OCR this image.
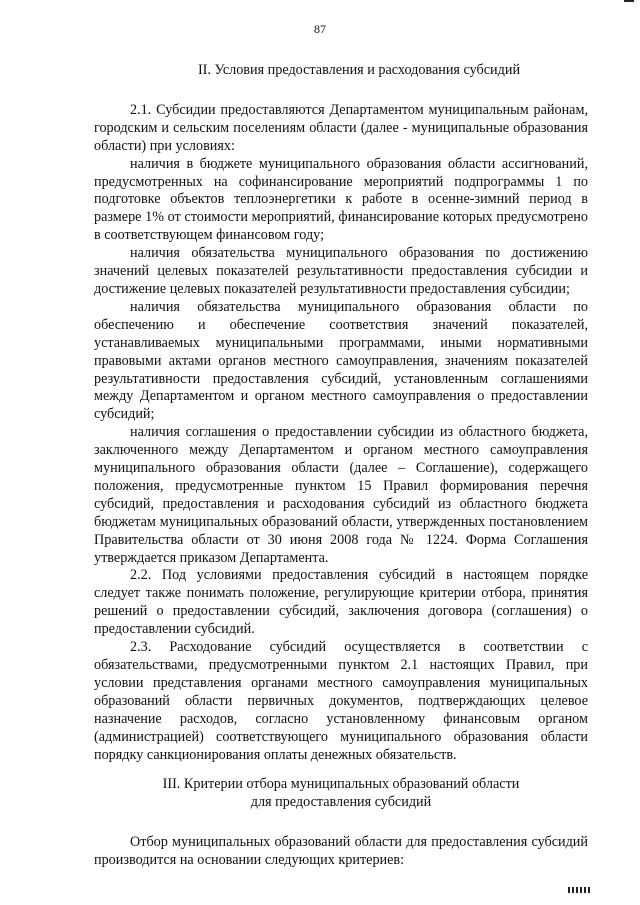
87

II. Условия предоставления и расходования субсидий

2.1. Субсидии предоставляются Департаментом муниципальным районам, городским и сельским поселениям области (далее - муниципальные образования области) при условиях:

наличия в бюджете муниципального образования области ассигнований, предусмотренных на софинансирование мероприятий подпрограммы 1 по подготовке объектов теплоэнергетики к работе в осенне-зимний период в размере 1% от стоимости мероприятий, финансирование которых предусмотрено в соответствующем финансовом году;

наличия обязательства муниципального образования по достижению значений целевых показателей результативности предоставления субсидии и достижение целевых показателей результативности предоставления субсидии;

наличия обязательства муниципального образования области по обеспечению и обеспечение соответствия значений показателей, устанавливаемых муниципальными программами, иными нормативными правовыми актами органов местного самоуправления, значениям показателей результативности предоставления субсидий, установленным соглашениями между Департаментом и органом местного самоуправления о предоставлении субсидий;

наличия соглашения о предоставлении субсидии из областного бюджета, заключенного между Департаментом и органом местного самоуправления муниципального образования области (далее – Соглашение), содержащего положения, предусмотренные пунктом 15 Правил формирования перечня субсидий, предоставления и расходования субсидий из областного бюджета бюджетам муниципальных образований области, утвержденных постановлением Правительства области от 30 июня 2008 года № 1224. Форма Соглашения утверждается приказом Департамента.

2.2. Под условиями предоставления субсидий в настоящем порядке следует также понимать положение, регулирующие критерии отбора, принятия решений о предоставлении субсидий, заключения договора (соглашения) о предоставлении субсидий.

2.3. Расходование субсидий осуществляется в соответствии с обязательствами, предусмотренными пунктом 2.1 настоящих Правил, при условии представления органами местного самоуправления муниципальных образований области первичных документов, подтверждающих целевое назначение расходов, согласно установленному финансовым органом (администрацией) соответствующего муниципального образования области порядку санкционирования оплаты денежных обязательств.

III. Критерии отбора муниципальных образований области
для предоставления субсидий

Отбор муниципальных образований области для предоставления субсидий производится на основании следующих критериев:
